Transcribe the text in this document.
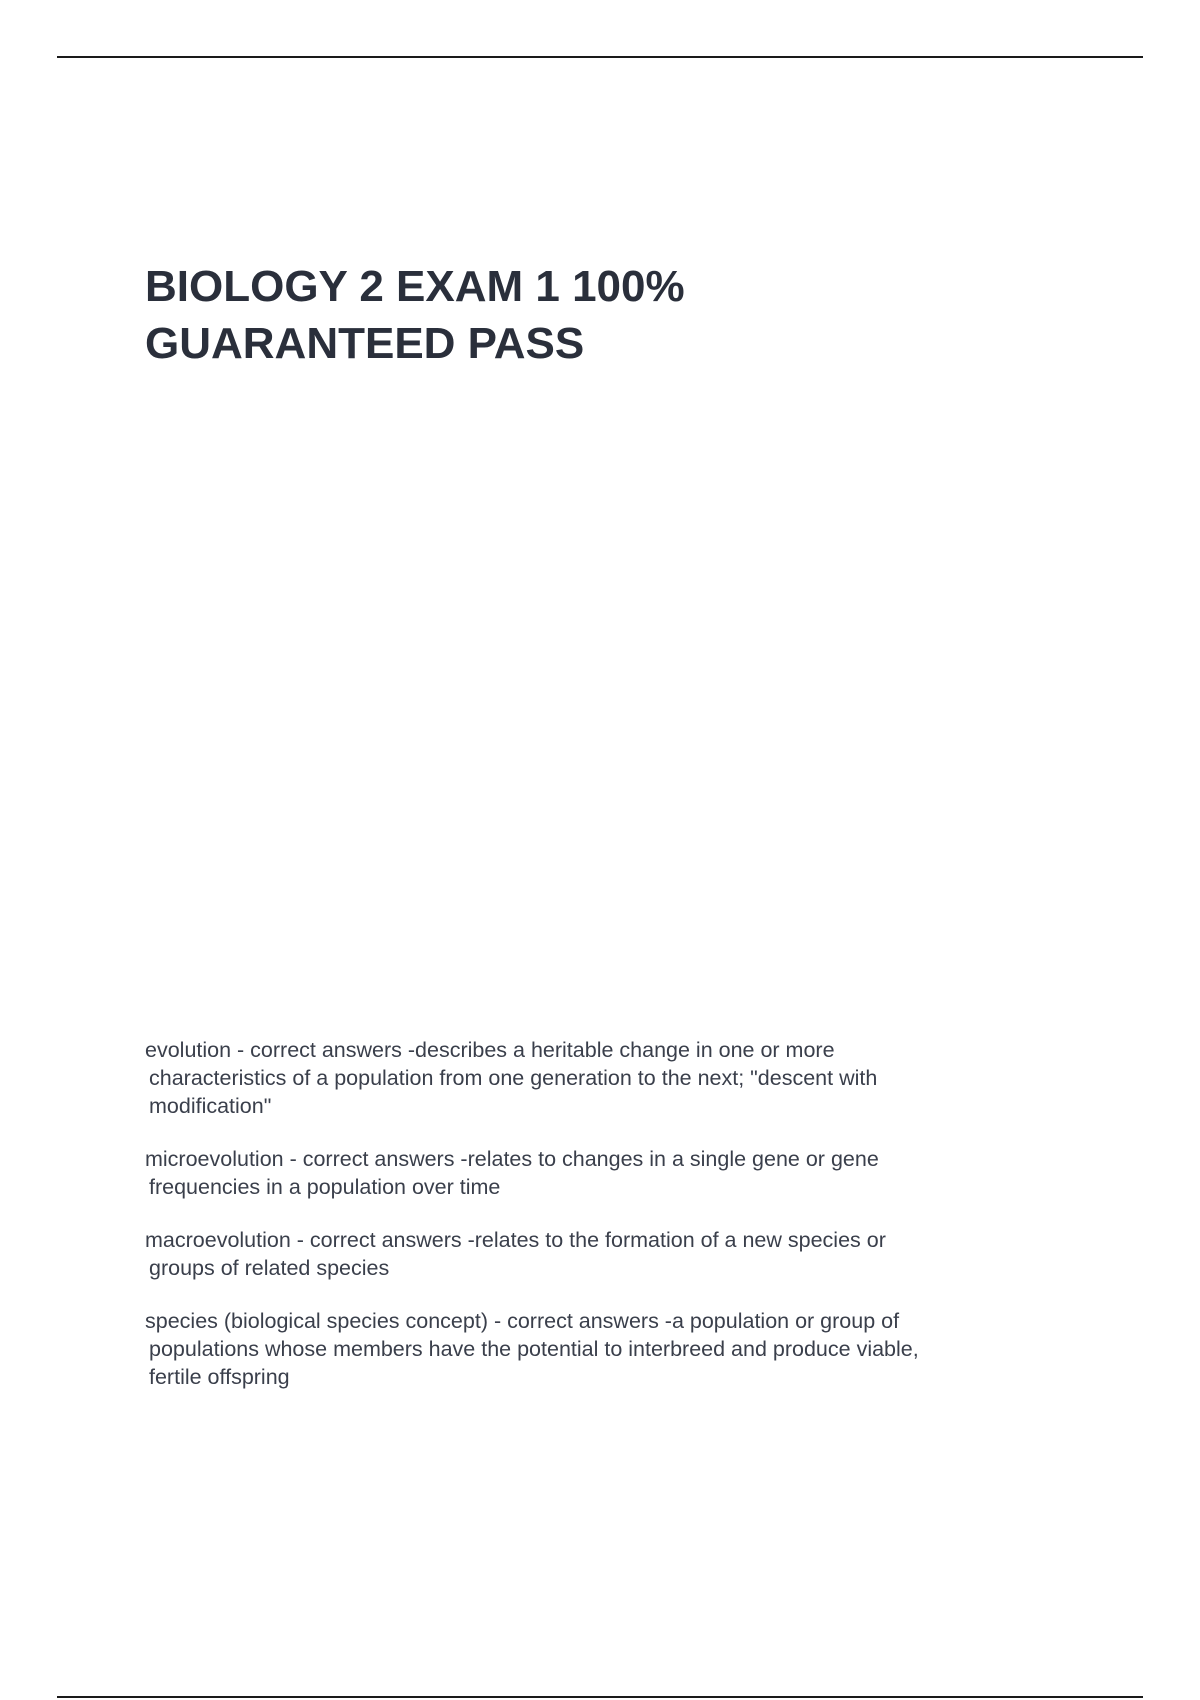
BIOLOGY 2 EXAM 1 100%
GUARANTEED PASS

evolution - correct answers -describes a heritable change in one or more
characteristics of a population from one generation to the next; "descent with
modification"

microevolution - correct answers -relates to changes in a single gene or gene
frequencies in a population over time

macroevolution - correct answers -relates to the formation of a new species or
groups of related species

species (biological species concept) - correct answers -a population or group of
populations whose members have the potential to interbreed and produce viable,
fertile offspring
